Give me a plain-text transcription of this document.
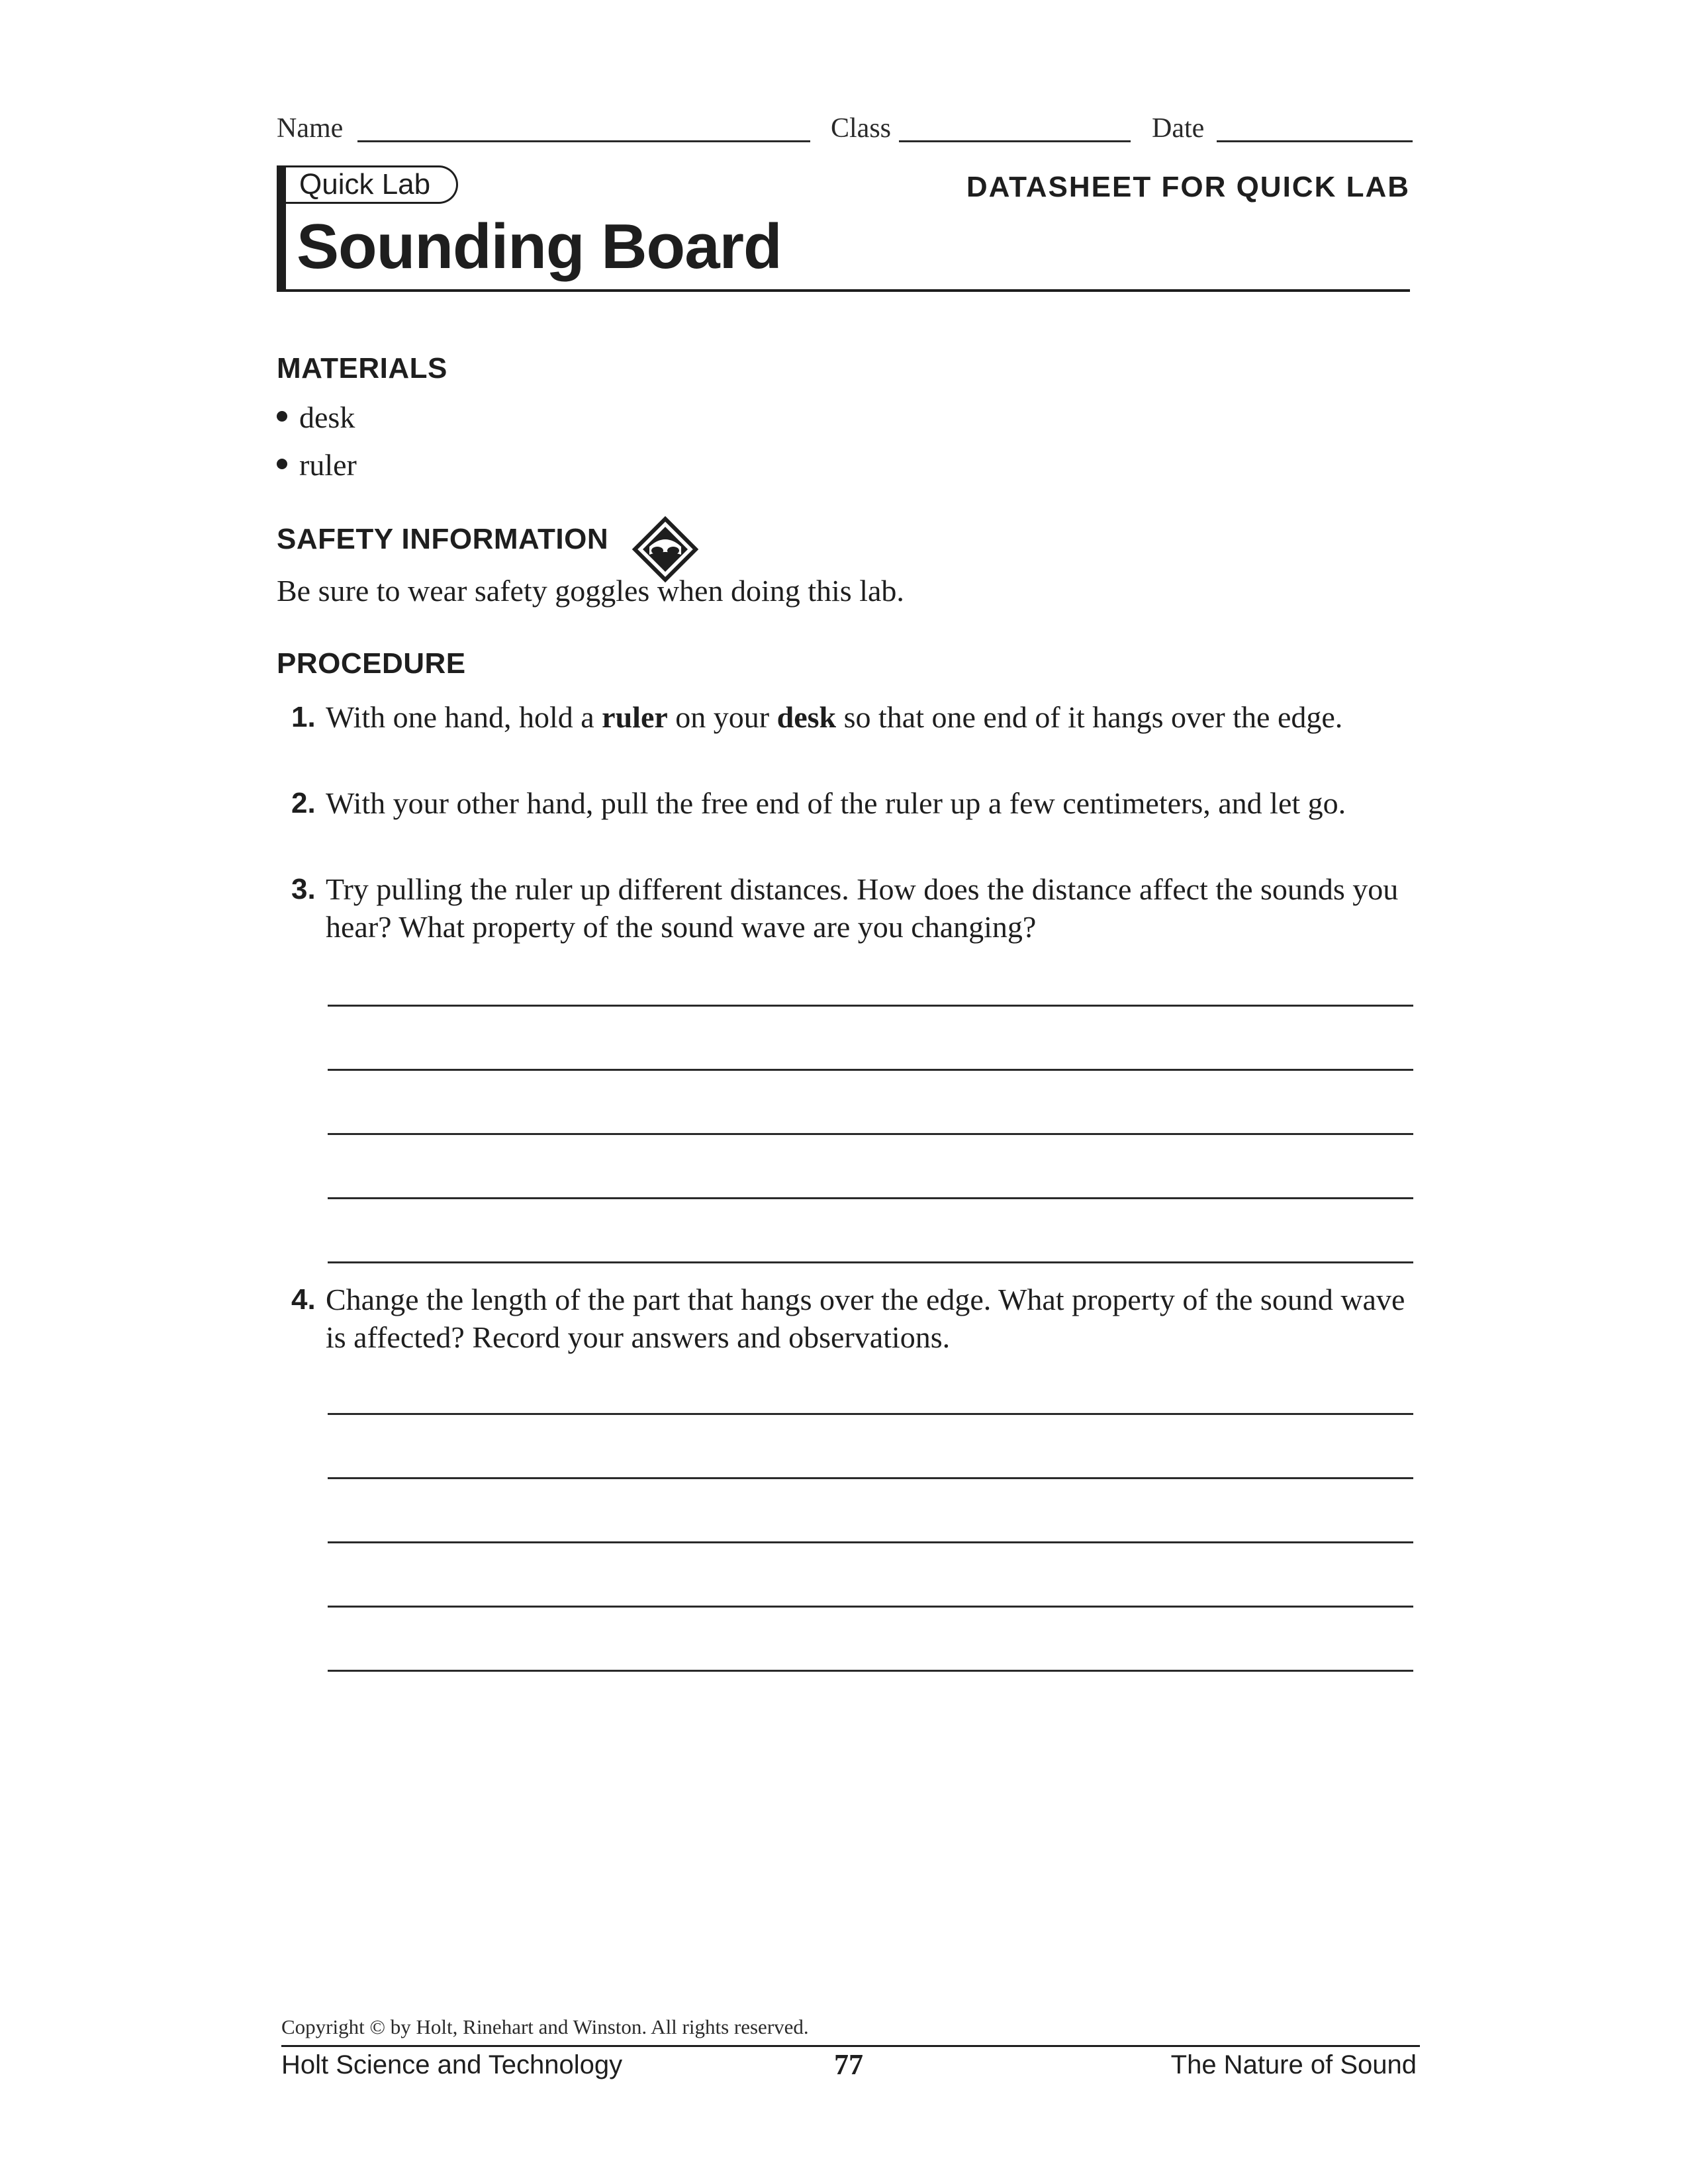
Name	Class	Date
Quick Lab
Sounding Board
DATASHEET FOR QUICK LAB
MATERIALS
desk
ruler
SAFETY INFORMATION
Be sure to wear safety goggles when doing this lab.
PROCEDURE
1. With one hand, hold a ruler on your desk so that one end of it hangs over the edge.
2. With your other hand, pull the free end of the ruler up a few centimeters, and let go.
3. Try pulling the ruler up different distances. How does the distance affect the sounds you hear? What property of the sound wave are you changing?
4. Change the length of the part that hangs over the edge. What property of the sound wave is affected? Record your answers and observations.
Copyright © by Holt, Rinehart and Winston. All rights reserved.
Holt Science and Technology	77	The Nature of Sound
